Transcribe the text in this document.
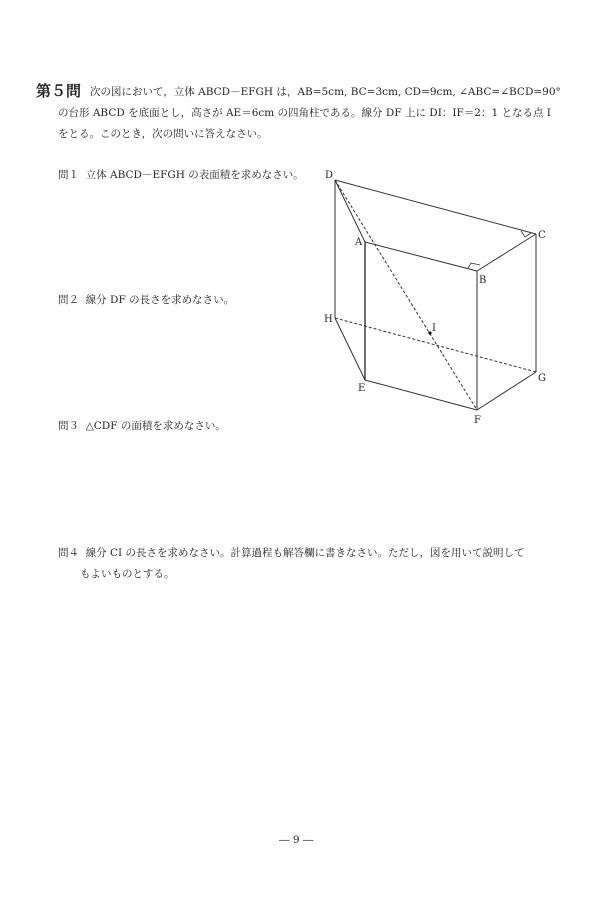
第５問 次の図において，立体 ABCD－EFGH は，AB=5cm, BC=3cm, CD=9cm, ∠ABC=∠BCD=90°
の台形 ABCD を底面とし，高さが AE＝6cm の四角柱である。線分 DF 上に DI：IF＝2：1 となる点 I
をとる。このとき，次の問いに答えなさい。
問１ 立体 ABCD－EFGH の表面積を求めなさい。
問２ 線分 DF の長さを求めなさい。
問３ △CDF の面積を求めなさい。
問４ 線分 CI の長さを求めなさい。計算過程も解答欄に書きなさい。ただし，図を用いて説明して
もよいものとする。
D
A
B
C
H
E
F
G
I
― 9 ―
